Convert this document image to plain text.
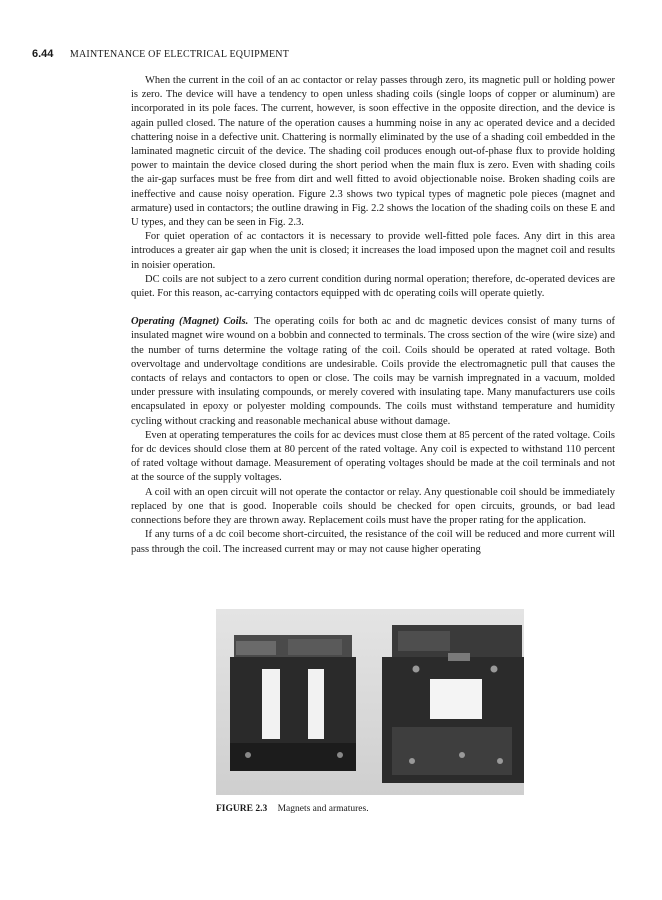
6.44 MAINTENANCE OF ELECTRICAL EQUIPMENT

When the current in the coil of an ac contactor or relay passes through zero, its magnetic pull or holding power is zero. The device will have a tendency to open unless shading coils (single loops of copper or aluminum) are incorporated in its pole faces. The current, however, is soon effective in the opposite direction, and the device is again pulled closed. The nature of the operation causes a humming noise in any ac operated device and a decided chattering noise in a defective unit. Chattering is normally eliminated by the use of a shading coil embedded in the laminated magnetic circuit of the device. The shading coil produces enough out-of-phase flux to provide holding power to maintain the device closed during the short period when the main flux is zero. Even with shading coils the air-gap surfaces must be free from dirt and well fitted to avoid objectionable noise. Broken shading coils are ineffective and cause noisy operation. Figure 2.3 shows two typical types of magnetic pole pieces (magnet and armature) used in contactors; the outline drawing in Fig. 2.2 shows the location of the shading coils on these E and U types, and they can be seen in Fig. 2.3.

For quiet operation of ac contactors it is necessary to provide well-fitted pole faces. Any dirt in this area introduces a greater air gap when the unit is closed; it increases the load imposed upon the magnet coil and results in noisier operation.

DC coils are not subject to a zero current condition during normal operation; therefore, dc-operated devices are quiet. For this reason, ac-carrying contactors equipped with dc operating coils will operate quietly.

Operating (Magnet) Coils. The operating coils for both ac and dc magnetic devices consist of many turns of insulated magnet wire wound on a bobbin and connected to terminals. The cross section of the wire (wire size) and the number of turns determine the voltage rating of the coil. Coils should be operated at rated voltage. Both overvoltage and undervoltage conditions are undesirable. Coils provide the electromagnetic pull that causes the contacts of relays and contactors to open or close. The coils may be varnish impregnated in a vacuum, molded under pressure with insulating compounds, or merely covered with insulating tape. Many manufacturers use coils encapsulated in epoxy or polyester molding compounds. The coils must withstand temperature and humidity cycling without cracking and reasonable mechanical abuse without damage.

Even at operating temperatures the coils for ac devices must close them at 85 percent of the rated voltage. Coils for dc devices should close them at 80 percent of the rated voltage. Any coil is expected to withstand 110 percent of rated voltage without damage. Measurement of operating voltages should be made at the coil terminals and not at the source of the supply voltages.

A coil with an open circuit will not operate the contactor or relay. Any questionable coil should be immediately replaced by one that is good. Inoperable coils should be checked for open circuits, grounds, or bad lead connections before they are thrown away. Replacement coils must have the proper rating for the application.

If any turns of a dc coil become short-circuited, the resistance of the coil will be reduced and more current will pass through the coil. The increased current may or may not cause higher operating

FIGURE 2.3 Magnets and armatures.
